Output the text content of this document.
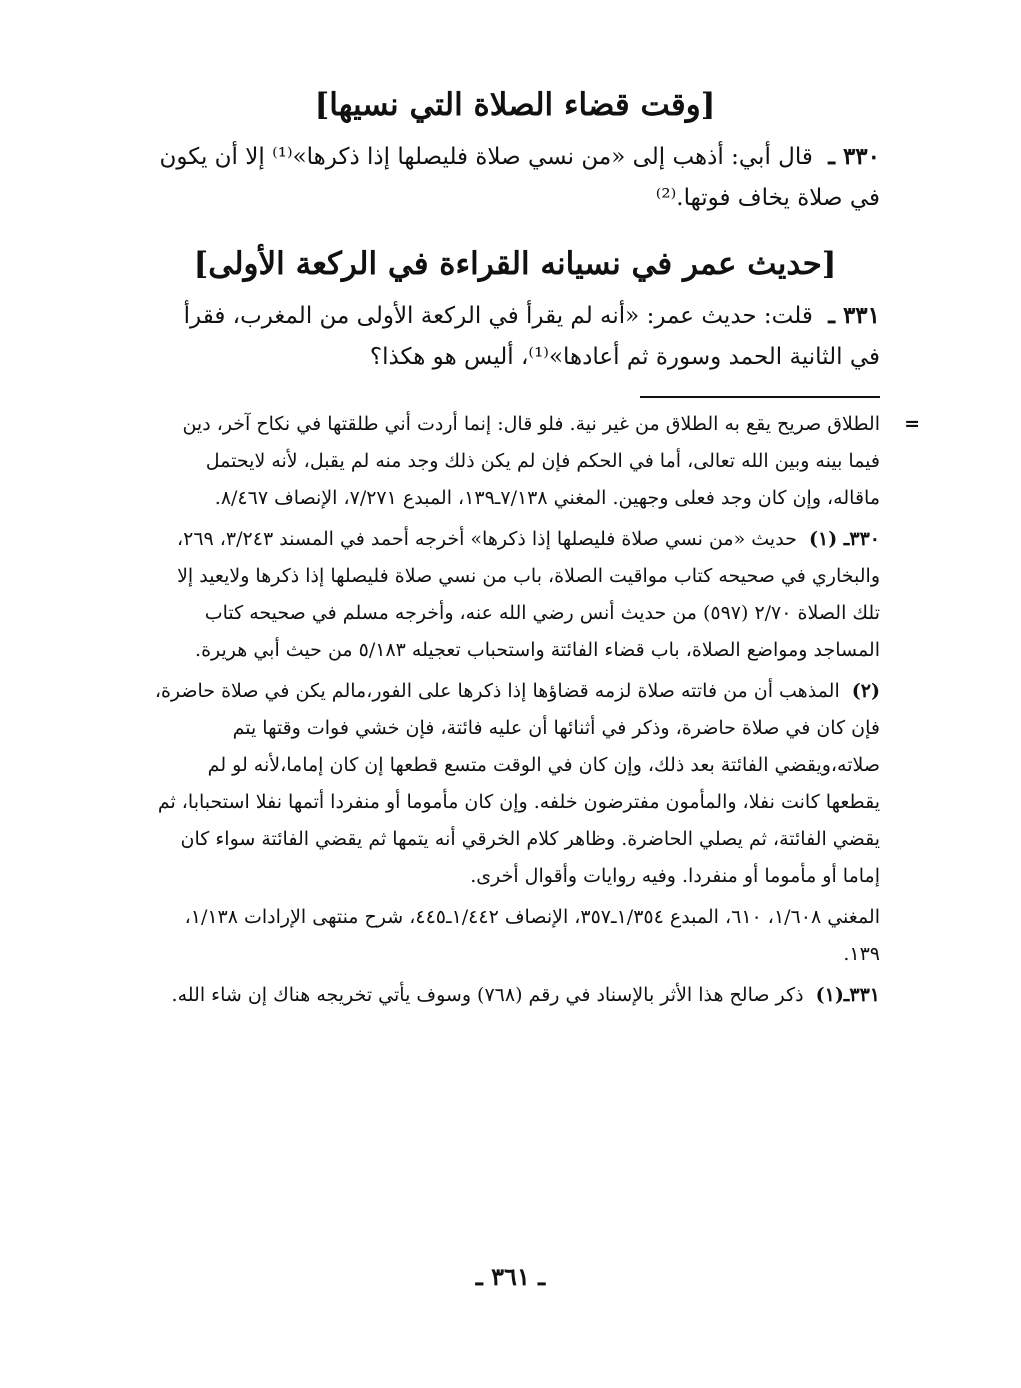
[وقت قضاء الصلاة التي نسيها]

٣٣٠ ـ قال أبي: أذهب إلى «من نسي صلاة فليصلها إذا ذكرها»⁽¹⁾ إلا أن يكون في صلاة يخاف فوتها.⁽²⁾

[حديث عمر في نسيانه القراءة في الركعة الأولى]

٣٣١ ـ قلت: حديث عمر: «أنه لم يقرأ في الركعة الأولى من المغرب، فقرأ في الثانية الحمد وسورة ثم أعادها»⁽¹⁾، أليس هو هكذا؟

=

الطلاق صريح يقع به الطلاق من غير نية. فلو قال: إنما أردت أني طلقتها في نكاح آخر، دين فيما بينه وبين الله تعالى، أما في الحكم فإن لم يكن ذلك وجد منه لم يقبل، لأنه لايحتمل ماقاله، وإن كان وجد فعلى وجهين. المغني ٧/١٣٨ـ١٣٩، المبدع ٧/٢٧١، الإنصاف ٨/٤٦٧.

٣٣٠ـ (١) حديث «من نسي صلاة فليصلها إذا ذكرها» أخرجه أحمد في المسند ٣/٢٤٣، ٢٦٩، والبخاري في صحيحه كتاب مواقيت الصلاة، باب من نسي صلاة فليصلها إذا ذكرها ولايعيد إلا تلك الصلاة ٢/٧٠ (٥٩٧) من حديث أنس رضي الله عنه، وأخرجه مسلم في صحيحه كتاب المساجد ومواضع الصلاة، باب قضاء الفائتة واستحباب تعجيله ٥/١٨٣ من حيث أبي هريرة.

(٢) المذهب أن من فاتته صلاة لزمه قضاؤها إذا ذكرها على الفور،مالم يكن في صلاة حاضرة، فإن كان في صلاة حاضرة، وذكر في أثنائها أن عليه فائتة، فإن خشي فوات وقتها يتم صلاته،ويقضي الفائتة بعد ذلك، وإن كان في الوقت متسع قطعها إن كان إماما،لأنه لو لم يقطعها كانت نفلا، والمأمون مفترضون خلفه. وإن كان مأموما أو منفردا أتمها نفلا استحبابا، ثم يقضي الفائتة، ثم يصلي الحاضرة. وظاهر كلام الخرقي أنه يتمها ثم يقضي الفائتة سواء كان إماما أو مأموما أو منفردا. وفيه روايات وأقوال أخرى.

المغني ١/٦٠٨، ٦١٠، المبدع ١/٣٥٤ـ٣٥٧، الإنصاف ١/٤٤٢ـ٤٤٥، شرح منتهى الإرادات ١/١٣٨، ١٣٩.

٣٣١ـ(١) ذكر صالح هذا الأثر بالإسناد في رقم (٧٦٨) وسوف يأتي تخريجه هناك إن شاء الله.

ـ ٣٦١ ـ
